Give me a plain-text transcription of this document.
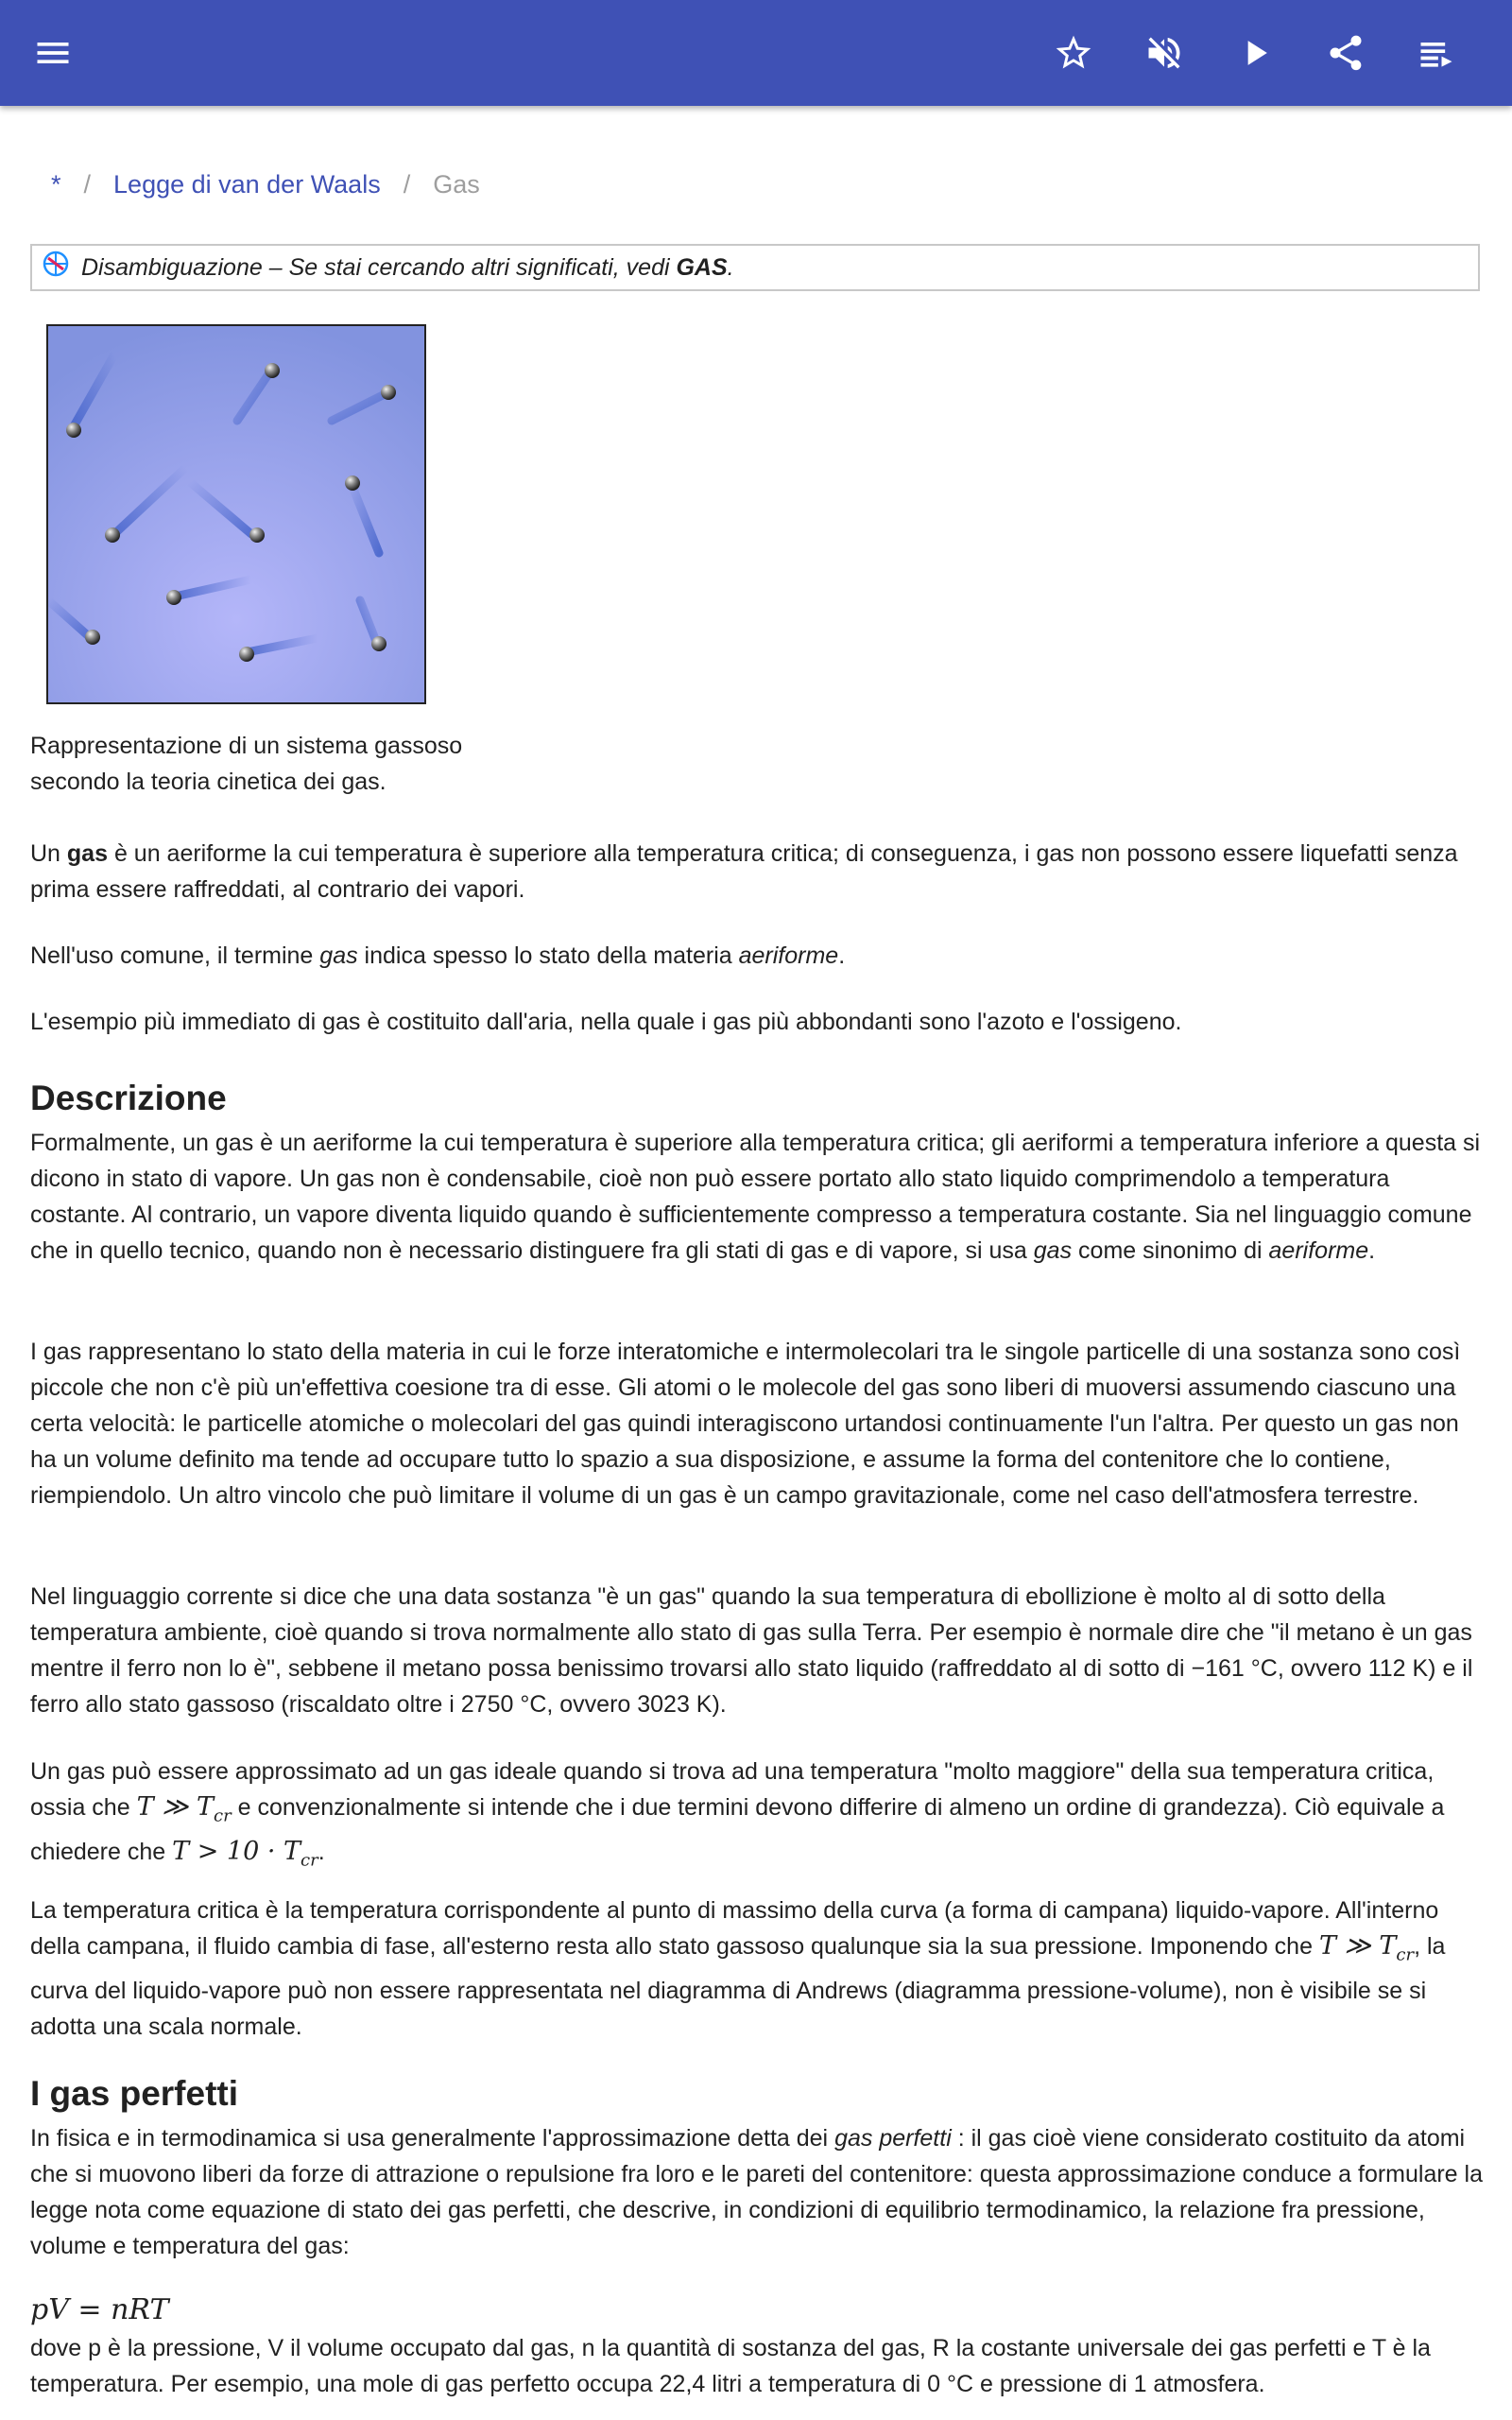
* / Legge di van der Waals / Gas
Disambiguazione – Se stai cercando altri significati, vedi GAS.
Rappresentazione di un sistema gassoso secondo la teoria cinetica dei gas.

Un gas è un aeriforme la cui temperatura è superiore alla temperatura critica; di conseguenza, i gas non possono essere liquefatti senza prima essere raffreddati, al contrario dei vapori.

Nell'uso comune, il termine gas indica spesso lo stato della materia aeriforme.

L'esempio più immediato di gas è costituito dall'aria, nella quale i gas più abbondanti sono l'azoto e l'ossigeno.

Descrizione

Formalmente, un gas è un aeriforme la cui temperatura è superiore alla temperatura critica; gli aeriformi a temperatura inferiore a questa si dicono in stato di vapore. Un gas non è condensabile, cioè non può essere portato allo stato liquido comprimendolo a temperatura costante. Al contrario, un vapore diventa liquido quando è sufficientemente compresso a temperatura costante. Sia nel linguaggio comune che in quello tecnico, quando non è necessario distinguere fra gli stati di gas e di vapore, si usa gas come sinonimo di aeriforme.

I gas rappresentano lo stato della materia in cui le forze interatomiche e intermolecolari tra le singole particelle di una sostanza sono così piccole che non c'è più un'effettiva coesione tra di esse. Gli atomi o le molecole del gas sono liberi di muoversi assumendo ciascuno una certa velocità: le particelle atomiche o molecolari del gas quindi interagiscono urtandosi continuamente l'un l'altra. Per questo un gas non ha un volume definito ma tende ad occupare tutto lo spazio a sua disposizione, e assume la forma del contenitore che lo contiene, riempiendolo. Un altro vincolo che può limitare il volume di un gas è un campo gravitazionale, come nel caso dell'atmosfera terrestre.

Nel linguaggio corrente si dice che una data sostanza "è un gas" quando la sua temperatura di ebollizione è molto al di sotto della temperatura ambiente, cioè quando si trova normalmente allo stato di gas sulla Terra. Per esempio è normale dire che "il metano è un gas mentre il ferro non lo è", sebbene il metano possa benissimo trovarsi allo stato liquido (raffreddato al di sotto di −161 °C, ovvero 112 K) e il ferro allo stato gassoso (riscaldato oltre i 2750 °C, ovvero 3023 K).

Un gas può essere approssimato ad un gas ideale quando si trova ad una temperatura "molto maggiore" della sua temperatura critica, ossia che T ≫ $T_{cr}$ e convenzionalmente si intende che i due termini devono differire di almeno un ordine di grandezza). Ciò equivale a chiedere che $T > 10 \cdot T_{cr}$.

La temperatura critica è la temperatura corrispondente al punto di massimo della curva (a forma di campana) liquido-vapore. All'interno della campana, il fluido cambia di fase, all'esterno resta allo stato gassoso qualunque sia la sua pressione. Imponendo che T ≫ $T_{cr}$, la curva del liquido-vapore può non essere rappresentata nel diagramma di Andrews (diagramma pressione-volume), non è visibile se si adotta una scala normale.

I gas perfetti

In fisica e in termodinamica si usa generalmente l'approssimazione detta dei gas perfetti : il gas cioè viene considerato costituito da atomi che si muovono liberi da forze di attrazione o repulsione fra loro e le pareti del contenitore: questa approssimazione conduce a formulare la legge nota come equazione di stato dei gas perfetti, che descrive, in condizioni di equilibrio termodinamico, la relazione fra pressione, volume e temperatura del gas:

pV = nRT

dove p è la pressione, V il volume occupato dal gas, n la quantità di sostanza del gas, R la costante universale dei gas perfetti e T è la temperatura. Per esempio, una mole di gas perfetto occupa 22,4 litri a temperatura di 0 °C e pressione di 1 atmosfera.
